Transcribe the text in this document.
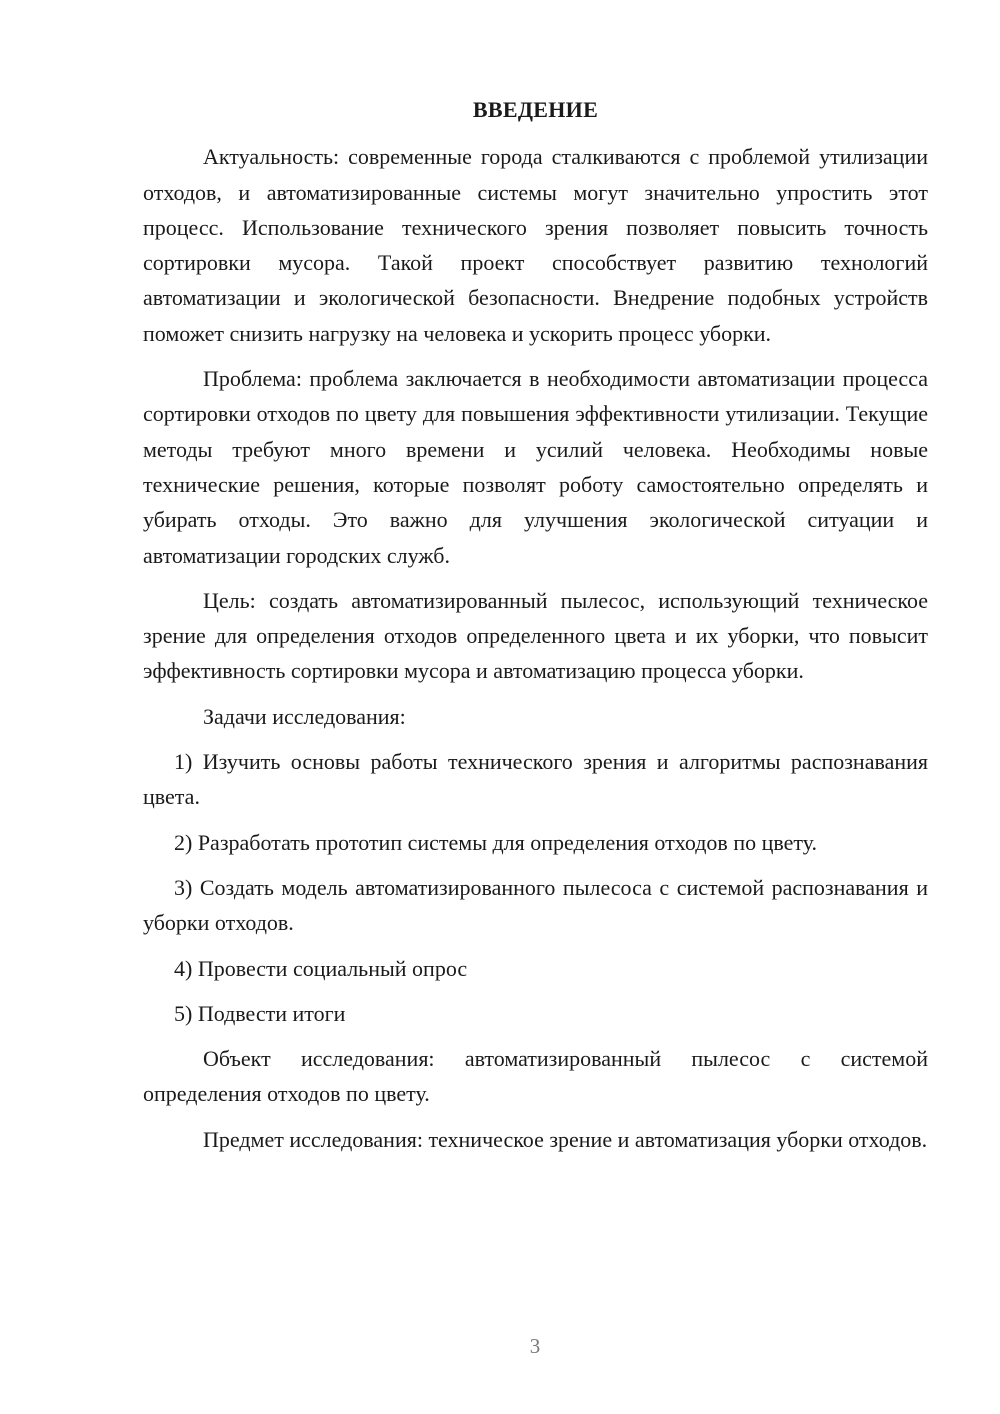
ВВЕДЕНИЕ

Актуальность: современные города сталкиваются с проблемой утилизации отходов, и автоматизированные системы могут значительно упростить этот процесс. Использование технического зрения позволяет повысить точность сортировки мусора. Такой проект способствует развитию технологий автоматизации и экологической безопасности. Внедрение подобных устройств поможет снизить нагрузку на человека и ускорить процесс уборки.

Проблема: проблема заключается в необходимости автоматизации процесса сортировки отходов по цвету для повышения эффективности утилизации. Текущие методы требуют много времени и усилий человека. Необходимы новые технические решения, которые позволят роботу самостоятельно определять и убирать отходы. Это важно для улучшения экологической ситуации и автоматизации городских служб.

Цель: создать автоматизированный пылесос, использующий техническое зрение для определения отходов определенного цвета и их уборки, что повысит эффективность сортировки мусора и автоматизацию процесса уборки.

Задачи исследования:

1) Изучить основы работы технического зрения и алгоритмы распознавания цвета.

2) Разработать прототип системы для определения отходов по цвету.

3) Создать модель автоматизированного пылесоса с системой распознавания и уборки отходов.

4) Провести социальный опрос

5) Подвести итоги

Объект исследования: автоматизированный пылесос с системой определения отходов по цвету.

Предмет исследования: техническое зрение и автоматизация уборки отходов.

3
